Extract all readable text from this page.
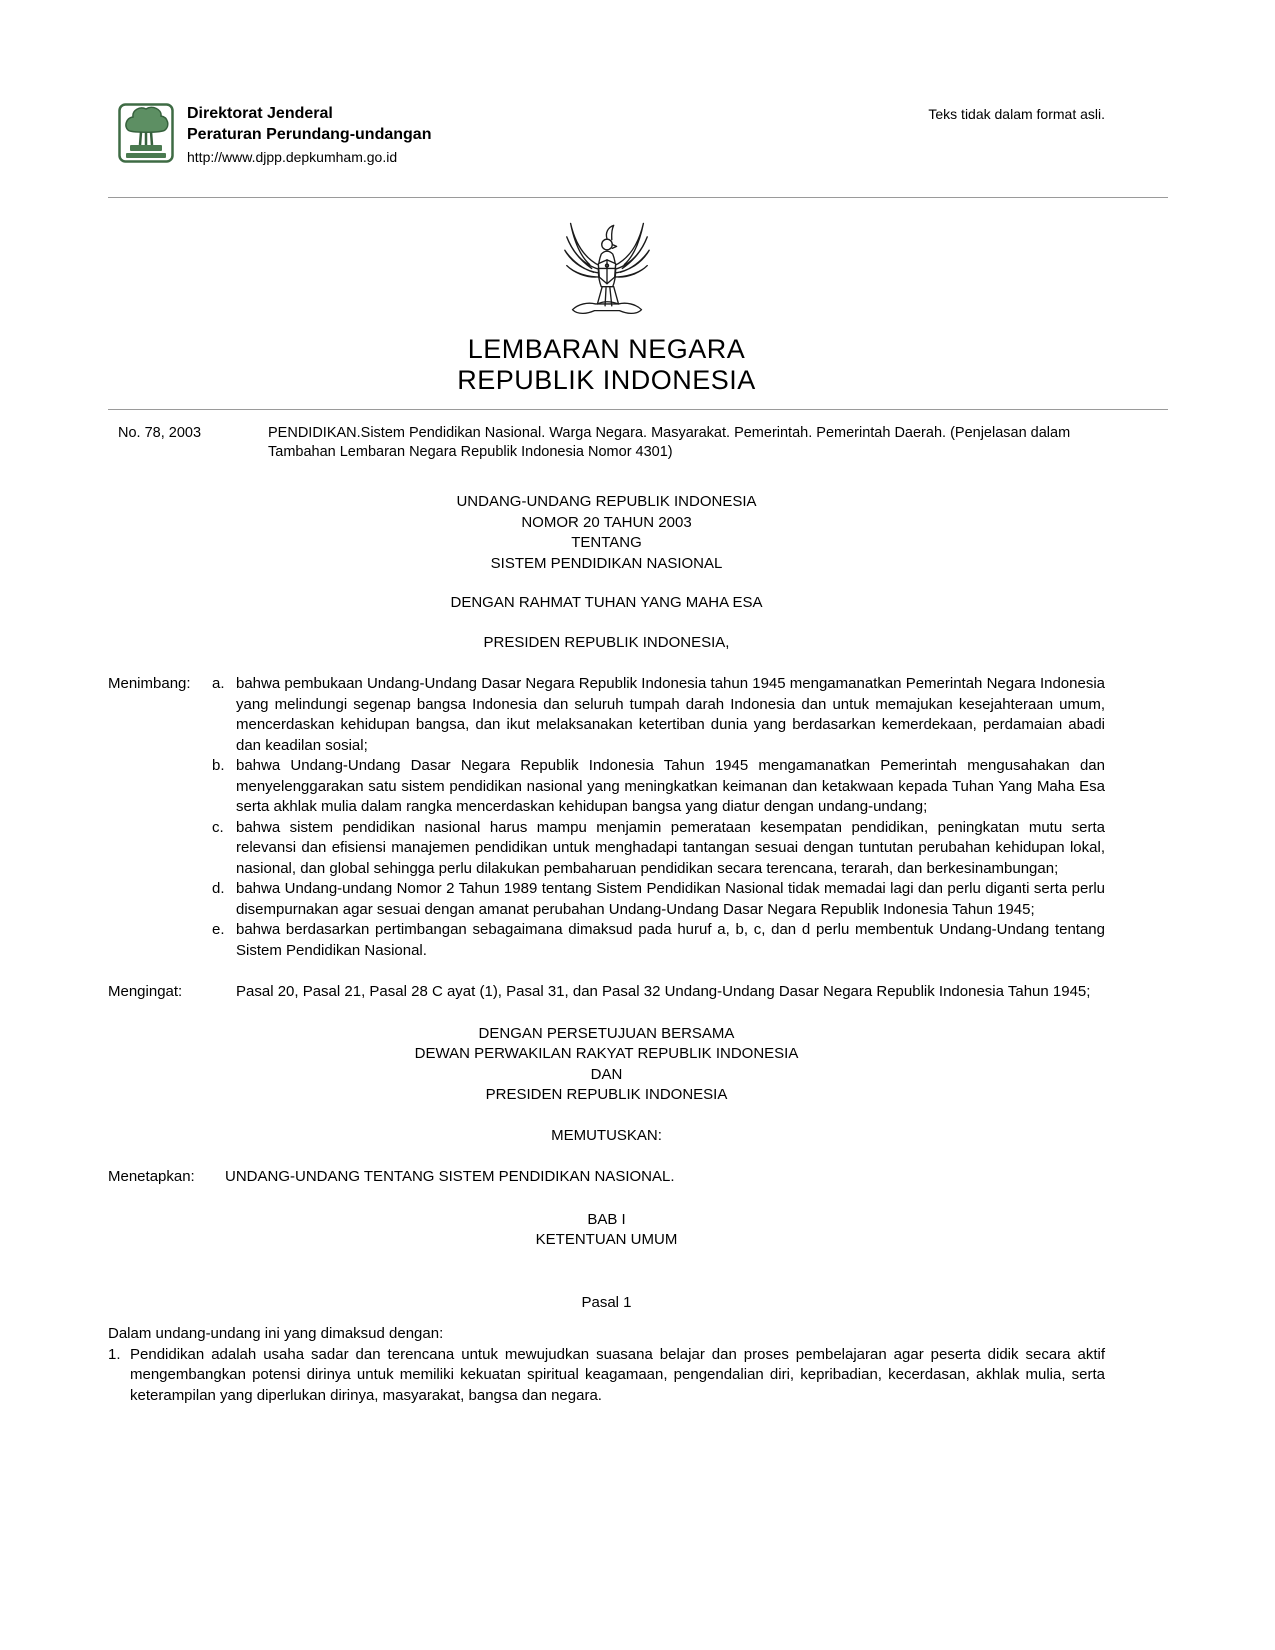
Direktorat Jenderal
Peraturan Perundang-undangan
http://www.djpp.depkumham.go.id
Teks tidak dalam format asli.
LEMBARAN NEGARA
REPUBLIK INDONESIA
No. 78, 2003	PENDIDIKAN.Sistem Pendidikan Nasional. Warga Negara. Masyarakat. Pemerintah. Pemerintah Daerah. (Penjelasan dalam Tambahan Lembaran Negara Republik Indonesia Nomor 4301)
UNDANG-UNDANG REPUBLIK INDONESIA
NOMOR 20 TAHUN 2003
TENTANG
SISTEM PENDIDIKAN NASIONAL
DENGAN RAHMAT TUHAN YANG MAHA ESA
PRESIDEN REPUBLIK INDONESIA,
Menimbang:	a. bahwa pembukaan Undang-Undang Dasar Negara Republik Indonesia tahun 1945 mengamanatkan Pemerintah Negara Indonesia yang melindungi segenap bangsa Indonesia dan seluruh tumpah darah Indonesia dan untuk memajukan kesejahteraan umum, mencerdaskan kehidupan bangsa, dan ikut melaksanakan ketertiban dunia yang berdasarkan kemerdekaan, perdamaian abadi dan keadilan sosial;
b. bahwa Undang-Undang Dasar Negara Republik Indonesia Tahun 1945 mengamanatkan Pemerintah mengusahakan dan menyelenggarakan satu sistem pendidikan nasional yang meningkatkan keimanan dan ketakwaan kepada Tuhan Yang Maha Esa serta akhlak mulia dalam rangka mencerdaskan kehidupan bangsa yang diatur dengan undang-undang;
c. bahwa sistem pendidikan nasional harus mampu menjamin pemerataan kesempatan pendidikan, peningkatan mutu serta relevansi dan efisiensi manajemen pendidikan untuk menghadapi tantangan sesuai dengan tuntutan perubahan kehidupan lokal, nasional, dan global sehingga perlu dilakukan pembaharuan pendidikan secara terencana, terarah, dan berkesinambungan;
d. bahwa Undang-undang Nomor 2 Tahun 1989 tentang Sistem Pendidikan Nasional tidak memadai lagi dan perlu diganti serta perlu disempurnakan agar sesuai dengan amanat perubahan Undang-Undang Dasar Negara Republik Indonesia Tahun 1945;
e. bahwa berdasarkan pertimbangan sebagaimana dimaksud pada huruf a, b, c, dan d perlu membentuk Undang-Undang tentang Sistem Pendidikan Nasional.
Mengingat:	Pasal 20, Pasal 21, Pasal 28 C ayat (1), Pasal 31, dan Pasal 32 Undang-Undang Dasar Negara Republik Indonesia Tahun 1945;
DENGAN PERSETUJUAN BERSAMA
DEWAN PERWAKILAN RAKYAT REPUBLIK INDONESIA
DAN
PRESIDEN REPUBLIK INDONESIA
MEMUTUSKAN:
Menetapkan:	UNDANG-UNDANG TENTANG SISTEM PENDIDIKAN NASIONAL.
BAB I
KETENTUAN UMUM
Pasal 1
Dalam undang-undang ini yang dimaksud dengan:
1. Pendidikan adalah usaha sadar dan terencana untuk mewujudkan suasana belajar dan proses pembelajaran agar peserta didik secara aktif mengembangkan potensi dirinya untuk memiliki kekuatan spiritual keagamaan, pengendalian diri, kepribadian, kecerdasan, akhlak mulia, serta keterampilan yang diperlukan dirinya, masyarakat, bangsa dan negara.
